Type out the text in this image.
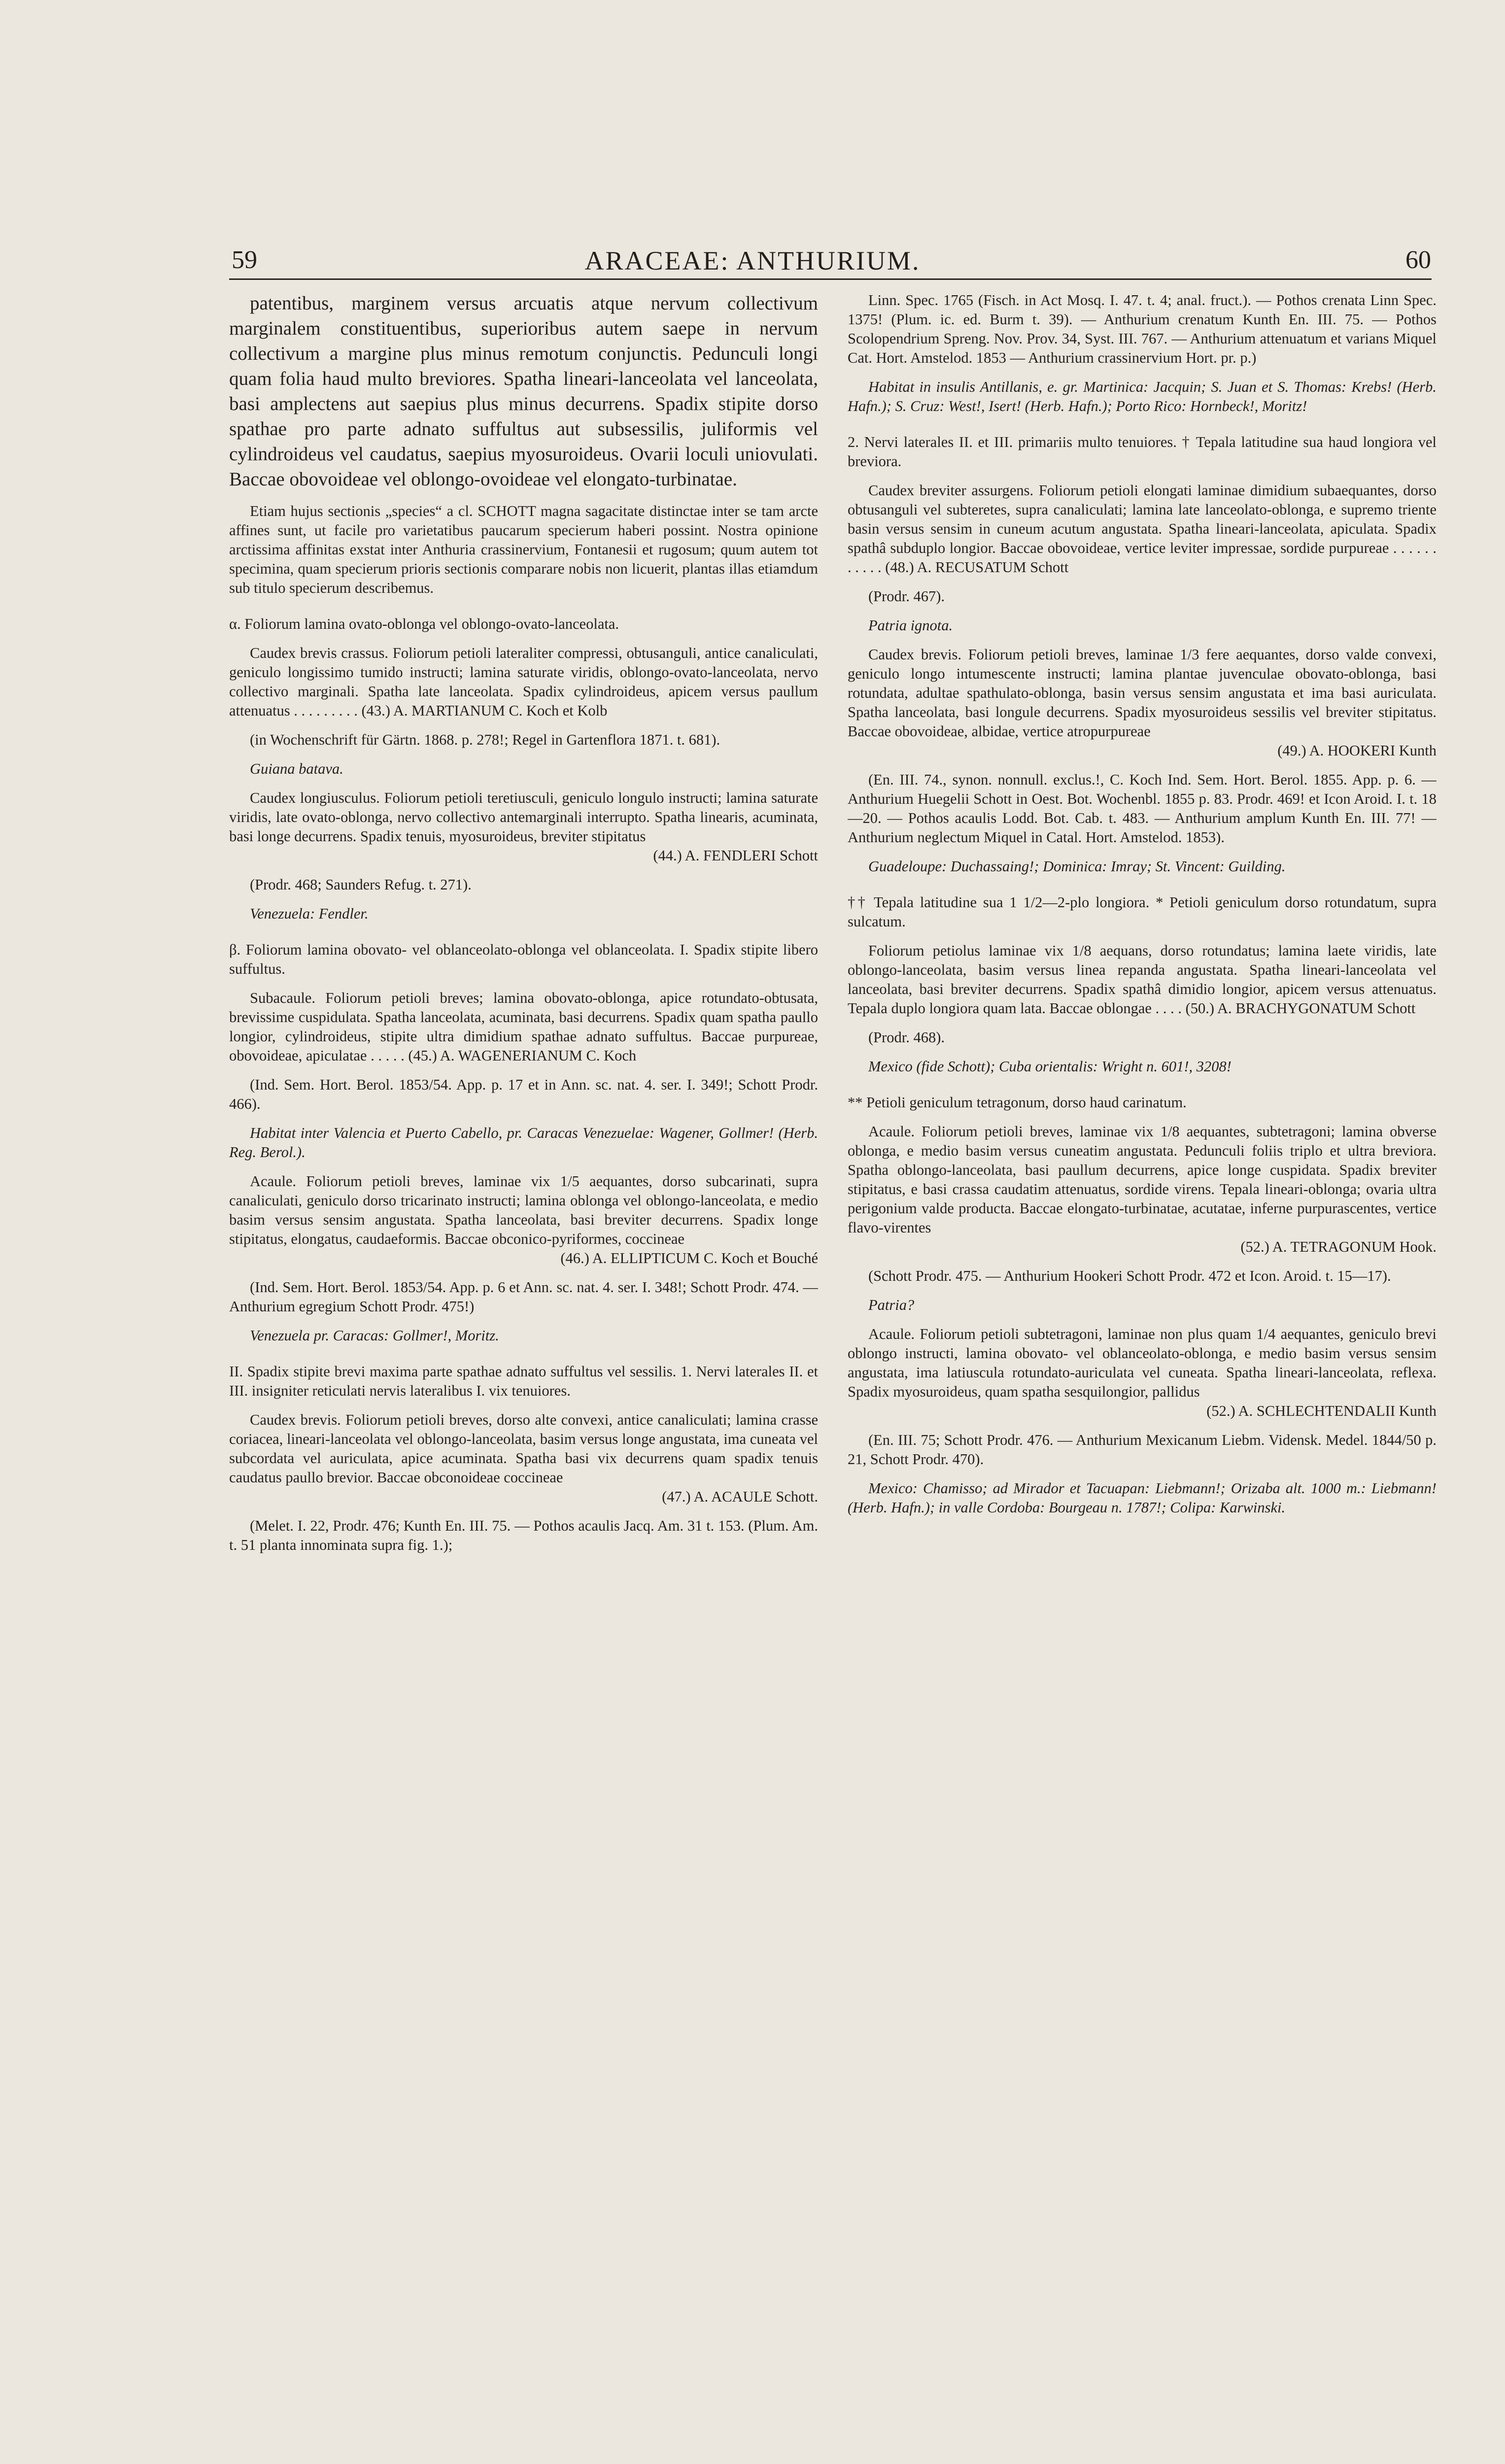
59	ARACEAE: ANTHURIUM.	60

patentibus, marginem versus arcuatis atque nervum collectivum marginalem constituentibus, superioribus autem saepe in nervum collectivum a margine plus minus remotum conjunctis. Pedunculi longi quam folia haud multo breviores. Spatha lineari-lanceolata vel lanceolata, basi amplectens aut saepius plus minus decurrens. Spadix stipite dorso spathae pro parte adnato suffultus aut subsessilis, juliformis vel cylindroideus vel caudatus, saepius myosuroideus. Ovarii loculi uniovulati. Baccae obovoideae vel oblongo-ovoideae vel elongato-turbinatae.

Etiam hujus sectionis „species“ a cl. SCHOTT magna sagacitate distinctae inter se tam arcte affines sunt, ut facile pro varietatibus paucarum specierum haberi possint. Nostra opinione arctissima affinitas exstat inter Anthuria crassinervium, Fontanesii et rugosum; quum autem tot specimina, quam specierum prioris sectionis comparare nobis non licuerit, plantas illas etiamdum sub titulo specierum describemus.

α. Foliorum lamina ovato-oblonga vel oblongo-ovato-lanceolata.

Caudex brevis crassus. Foliorum petioli lateraliter compressi, obtusanguli, antice canaliculati, geniculo longissimo tumido instructi; lamina saturate viridis, oblongo-ovato-lanceolata, nervo collectivo marginali. Spatha late lanceolata. Spadix cylindroideus, apicem versus paullum attenuatus . . . . . . . . . (43.) A. MARTIANUM C. Koch et Kolb

(in Wochenschrift für Gärtn. 1868. p. 278!; Regel in Gartenflora 1871. t. 681).

Guiana batava.

Caudex longiusculus. Foliorum petioli teretiusculi, geniculo longulo instructi; lamina saturate viridis, late ovato-oblonga, nervo collectivo antemarginali interrupto. Spatha linearis, acuminata, basi longe decurrens. Spadix tenuis, myosuroideus, breviter stipitatus

(44.) A. FENDLERI Schott

(Prodr. 468; Saunders Refug. t. 271).

Venezuela: Fendler.

β. Foliorum lamina obovato- vel oblanceolato-oblonga vel oblanceolata. I. Spadix stipite libero suffultus.

Subacaule. Foliorum petioli breves; lamina obovato-oblonga, apice rotundato-obtusata, brevissime cuspidulata. Spatha lanceolata, acuminata, basi decurrens. Spadix quam spatha paullo longior, cylindroideus, stipite ultra dimidium spathae adnato suffultus. Baccae purpureae, obovoideae, apiculatae . . . . . (45.) A. WAGENERIANUM C. Koch

(Ind. Sem. Hort. Berol. 1853/54. App. p. 17 et in Ann. sc. nat. 4. ser. I. 349!; Schott Prodr. 466).

Habitat inter Valencia et Puerto Cabello, pr. Caracas Venezuelae: Wagener, Gollmer! (Herb. Reg. Berol.).

Acaule. Foliorum petioli breves, laminae vix 1/5 aequantes, dorso subcarinati, supra canaliculati, geniculo dorso tricarinato instructi; lamina oblonga vel oblongo-lanceolata, e medio basim versus sensim angustata. Spatha lanceolata, basi breviter decurrens. Spadix longe stipitatus, elongatus, caudaeformis. Baccae obconico-pyriformes, coccineae

(46.) A. ELLIPTICUM C. Koch et Bouché

(Ind. Sem. Hort. Berol. 1853/54. App. p. 6 et Ann. sc. nat. 4. ser. I. 348!; Schott Prodr. 474. — Anthurium egregium Schott Prodr. 475!)

Venezuela pr. Caracas: Gollmer!, Moritz.

II. Spadix stipite brevi maxima parte spathae adnato suffultus vel sessilis. 1. Nervi laterales II. et III. insigniter reticulati nervis lateralibus I. vix tenuiores.

Caudex brevis. Foliorum petioli breves, dorso alte convexi, antice canaliculati; lamina crasse coriacea, lineari-lanceolata vel oblongo-lanceolata, basim versus longe angustata, ima cuneata vel subcordata vel auriculata, apice acuminata. Spatha basi vix decurrens quam spadix tenuis caudatus paullo brevior. Baccae obconoideae coccineae

(47.) A. ACAULE Schott.

(Melet. I. 22, Prodr. 476; Kunth En. III. 75. — Pothos acaulis Jacq. Am. 31 t. 153. (Plum. Am. t. 51 planta innominata supra fig. 1.);

Linn. Spec. 1765 (Fisch. in Act Mosq. I. 47. t. 4; anal. fruct.). — Pothos crenata Linn Spec. 1375! (Plum. ic. ed. Burm t. 39). — Anthurium crenatum Kunth En. III. 75. — Pothos Scolopendrium Spreng. Nov. Prov. 34, Syst. III. 767. — Anthurium attenuatum et varians Miquel Cat. Hort. Amstelod. 1853 — Anthurium crassinervium Hort. pr. p.)

Habitat in insulis Antillanis, e. gr. Martinica: Jacquin; S. Juan et S. Thomas: Krebs! (Herb. Hafn.); S. Cruz: West!, Isert! (Herb. Hafn.); Porto Rico: Hornbeck!, Moritz!

2. Nervi laterales II. et III. primariis multo tenuiores. † Tepala latitudine sua haud longiora vel breviora.

Caudex breviter assurgens. Foliorum petioli elongati laminae dimidium subaequantes, dorso obtusanguli vel subteretes, supra canaliculati; lamina late lanceolato-oblonga, e supremo triente basin versus sensim in cuneum acutum angustata. Spatha lineari-lanceolata, apiculata. Spadix spathâ subduplo longior. Baccae obovoideae, vertice leviter impressae, sordide purpureae . . . . . . . . . . . (48.) A. RECUSATUM Schott

(Prodr. 467).

Patria ignota.

Caudex brevis. Foliorum petioli breves, laminae 1/3 fere aequantes, dorso valde convexi, geniculo longo intumescente instructi; lamina plantae juvenculae obovato-oblonga, basi rotundata, adultae spathulato-oblonga, basin versus sensim angustata et ima basi auriculata. Spatha lanceolata, basi longule decurrens. Spadix myosuroideus sessilis vel breviter stipitatus. Baccae obovoideae, albidae, vertice atropurpureae

(49.) A. HOOKERI Kunth

(En. III. 74., synon. nonnull. exclus.!, C. Koch Ind. Sem. Hort. Berol. 1855. App. p. 6. — Anthurium Huegelii Schott in Oest. Bot. Wochenbl. 1855 p. 83. Prodr. 469! et Icon Aroid. I. t. 18—20. — Pothos acaulis Lodd. Bot. Cab. t. 483. — Anthurium amplum Kunth En. III. 77! — Anthurium neglectum Miquel in Catal. Hort. Amstelod. 1853).

Guadeloupe: Duchassaing!; Dominica: Imray; St. Vincent: Guilding.

†† Tepala latitudine sua 1 1/2—2-plo longiora. * Petioli geniculum dorso rotundatum, supra sulcatum.

Foliorum petiolus laminae vix 1/8 aequans, dorso rotundatus; lamina laete viridis, late oblongo-lanceolata, basim versus linea repanda angustata. Spatha lineari-lanceolata vel lanceolata, basi breviter decurrens. Spadix spathâ dimidio longior, apicem versus attenuatus. Tepala duplo longiora quam lata. Baccae oblongae . . . . (50.) A. BRACHYGONATUM Schott

(Prodr. 468).

Mexico (fide Schott); Cuba orientalis: Wright n. 601!, 3208!

** Petioli geniculum tetragonum, dorso haud carinatum.

Acaule. Foliorum petioli breves, laminae vix 1/8 aequantes, subtetragoni; lamina obverse oblonga, e medio basim versus cuneatim angustata. Pedunculi foliis triplo et ultra breviora. Spatha oblongo-lanceolata, basi paullum decurrens, apice longe cuspidata. Spadix breviter stipitatus, e basi crassa caudatim attenuatus, sordide virens. Tepala lineari-oblonga; ovaria ultra perigonium valde producta. Baccae elongato-turbinatae, acutatae, inferne purpurascentes, vertice flavo-virentes

(52.) A. TETRAGONUM Hook.

(Schott Prodr. 475. — Anthurium Hookeri Schott Prodr. 472 et Icon. Aroid. t. 15—17).

Patria?

Acaule. Foliorum petioli subtetragoni, laminae non plus quam 1/4 aequantes, geniculo brevi oblongo instructi, lamina obovato- vel oblanceolato-oblonga, e medio basim versus sensim angustata, ima latiuscula rotundato-auriculata vel cuneata. Spatha lineari-lanceolata, reflexa. Spadix myosuroideus, quam spatha sesquilongior, pallidus

(52.) A. SCHLECHTENDALII Kunth

(En. III. 75; Schott Prodr. 476. — Anthurium Mexicanum Liebm. Vidensk. Medel. 1844/50 p. 21, Schott Prodr. 470).

Mexico: Chamisso; ad Mirador et Tacuapan: Liebmann!; Orizaba alt. 1000 m.: Liebmann! (Herb. Hafn.); in valle Cordoba: Bourgeau n. 1787!; Colipa: Karwinski.
